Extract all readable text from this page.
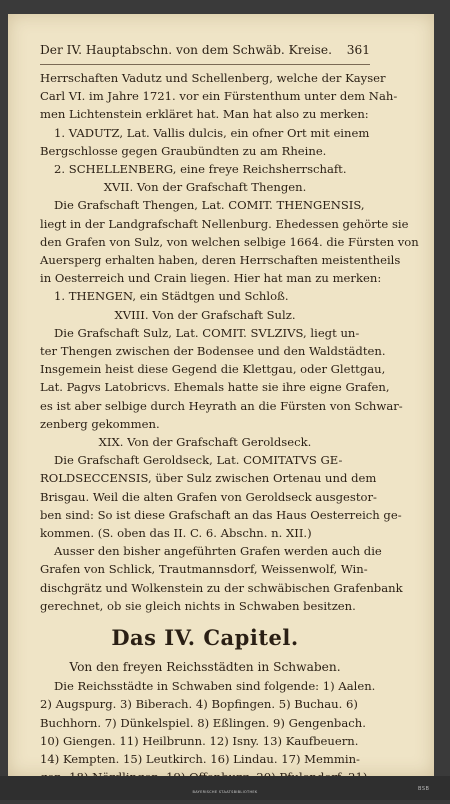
Der IV. Hauptabschn. von dem Schwäb. Kreise. 361
Herrschaften Vadutz und Schellenberg, welche der Kayser
Carl VI. im Jahre 1721. vor ein Fürstenthum unter dem Nah-
men Lichtenstein erkläret hat. Man hat also zu merken:
1. VADUTZ, Lat. Vallis dulcis, ein ofner Ort mit einem
Bergschlosse gegen Graubündten zu am Rheine.
2. SCHELLENBERG, eine freye Reichsherrschaft.
XVII. Von der Grafschaft Thengen.
Die Grafschaft Thengen, Lat. COMIT. THENGENSIS,
liegt in der Landgrafschaft Nellenburg. Ehedessen gehörte sie
den Grafen von Sulz, von welchen selbige 1664. die Fürsten von
Auersperg erhalten haben, deren Herrschaften meistentheils
in Oesterreich und Crain liegen. Hier hat man zu merken:
1. THENGEN, ein Städtgen und Schloß.
XVIII. Von der Grafschaft Sulz.
Die Grafschaft Sulz, Lat. COMIT. SVLZIVS, liegt un-
ter Thengen zwischen der Bodensee und den Waldstädten.
Insgemein heist diese Gegend die Klettgau, oder Glettgau,
Lat. Pagvs Latobricvs. Ehemals hatte sie ihre eigne Grafen,
es ist aber selbige durch Heyrath an die Fürsten von Schwar-
zenberg gekommen.
XIX. Von der Grafschaft Geroldseck.
Die Grafschaft Geroldseck, Lat. COMITATVS GE-
ROLDSECCENSIS, über Sulz zwischen Ortenau und dem
Brisgau. Weil die alten Grafen von Geroldseck ausgestor-
ben sind: So ist diese Grafschaft an das Haus Oesterreich ge-
kommen. (S. oben das II. C. 6. Abschn. n. XII.)
Ausser den bisher angeführten Grafen werden auch die
Grafen von Schlick, Trautmannsdorf, Weissenwolf, Win-
dischgrätz und Wolkenstein zu der schwäbischen Grafenbank
gerechnet, ob sie gleich nichts in Schwaben besitzen.
Das IV. Capitel.
Von den freyen Reichsstädten in Schwaben.
Die Reichsstädte in Schwaben sind folgende: 1) Aalen.
2) Augspurg. 3) Biberach. 4) Bopfingen. 5) Buchau. 6)
Buchhorn. 7) Dünkelspiel. 8) Eßlingen. 9) Gengenbach.
10) Giengen. 11) Heilbrunn. 12) Isny. 13) Kaufbeuern.
14) Kempten. 15) Leutkirch. 16) Lindau. 17) Memmin-
BAYERISCHE STAATSBIBLIOTHEK	BSB
